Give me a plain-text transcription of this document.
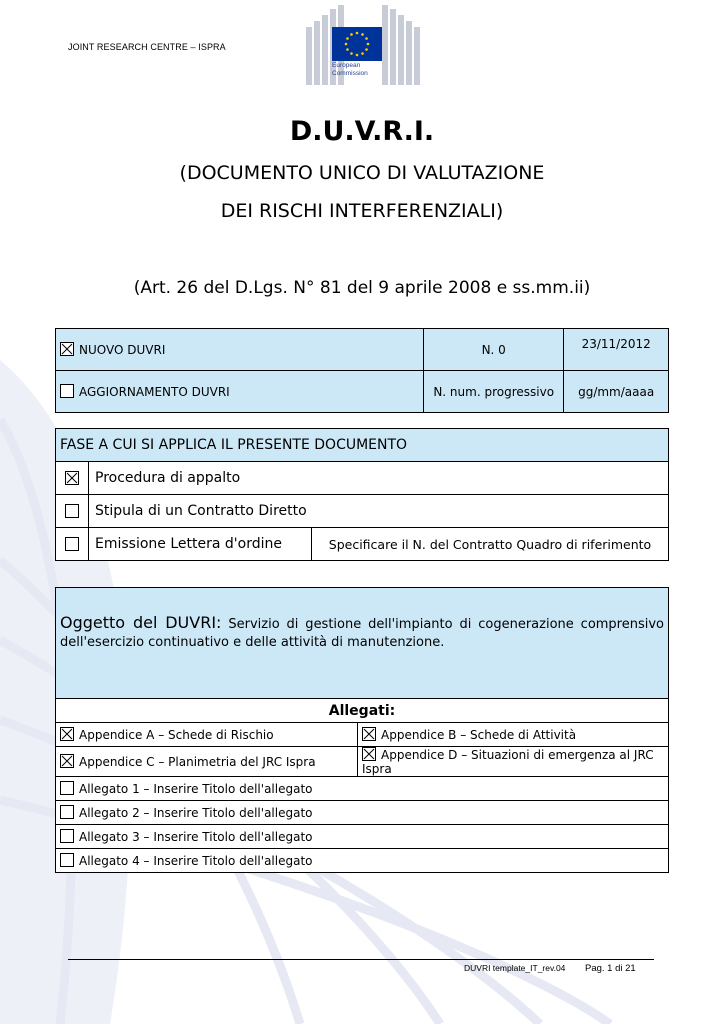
JOINT RESEARCH CENTRE – ISPRA
European
Commission
D.U.V.R.I.
(DOCUMENTO UNICO DI VALUTAZIONE
DEI RISCHI INTERFERENZIALI)
(Art. 26 del D.Lgs. N° 81 del 9 aprile 2008 e ss.mm.ii)
NUOVO DUVRI	N. 0	23/11/2012
AGGIORNAMENTO DUVRI	N. num. progressivo	gg/mm/aaaa
FASE A CUI SI APPLICA IL PRESENTE DOCUMENTO		

	Procedura di appalto	
	Stipula di un Contratto Diretto	
	Emissione Lettera d'ordine	Specificare il N. del Contratto Quadro di riferimento
Oggetto del DUVRI: Servizio di gestione dell'impianto di cogenerazione comprensivo dell'esercizio continuativo e delle attività di manutenzione.
Allegati:	

Appendice A – Schede di Rischio	Appendice B – Schede di Attività

Appendice C – Planimetria del JRC Ispra	Appendice D – Situazioni di emergenza al JRC Ispra
Allegato 1 – Inserire Titolo dell'allegato	
Allegato 2 – Inserire Titolo dell'allegato	
Allegato 3 – Inserire Titolo dell'allegato	
Allegato 4 – Inserire Titolo dell'allegato	
DUVRI template_IT_rev.04 Pag. 1 di 21
